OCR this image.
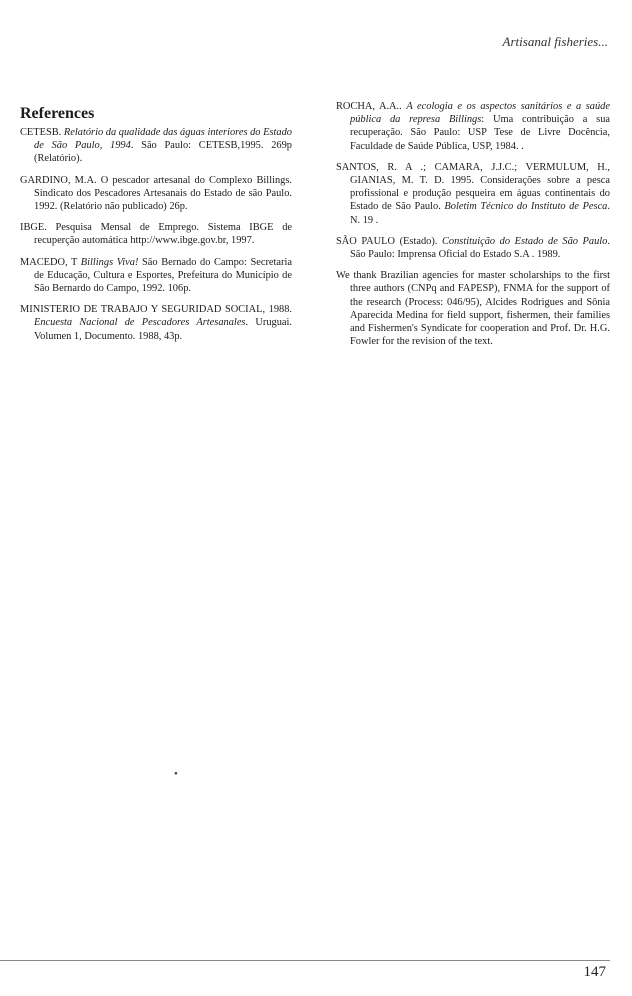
Artisanal fisheries...
References

CETESB. Relatório da qualidade das águas interiores do Estado de São Paulo, 1994. São Paulo: CETESB,1995. 269p (Relatório).

GARDINO, M.A. O pescador artesanal do Complexo Billings. Sindicato dos Pescadores Artesanais do Estado de são Paulo. 1992. (Relatório não publicado) 26p.

IBGE. Pesquisa Mensal de Emprego. Sistema IBGE de recuperção automática http://www.ibge.gov.br, 1997.

MACEDO, T Billings Viva! São Bernado do Campo: Secretaria de Educação, Cultura e Esportes, Prefeitura do Município de São Bernardo do Campo, 1992. 106p.

MINISTERIO DE TRABAJO Y SEGURIDAD SOCIAL, 1988. Encuesta Nacional de Pescadores Artesanales. Uruguai. Volumen 1, Documento. 1988, 43p.

ROCHA, A.A.. A ecologia e os aspectos sanitários e a saúde pública da represa Billings: Uma contribuição a sua recuperação. São Paulo: USP Tese de Livre Docência, Faculdade de Saúde Pública, USP, 1984. .

SANTOS, R. A .; CAMARA, J.J.C.; VERMULUM, H., GIANIAS, M. T. D. 1995. Considerações sobre a pesca profissional e produção pesqueira em águas continentais do Estado de São Paulo. Boletim Técnico do Instituto de Pesca. N. 19 .

SÃO PAULO (Estado). Constituição do Estado de São Paulo. São Paulo: Imprensa Oficial do Estado S.A . 1989.

We thank Brazilian agencies for master scholarships to the first three authors (CNPq and FAPESP), FNMA for the support of the research (Process: 046/95), Alcides Rodrigues and Sônia Aparecida Medina for field support, fishermen, their families and Fishermen's Syndicate for cooperation and Prof. Dr. H.G. Fowler for the revision of the text.

•
147
